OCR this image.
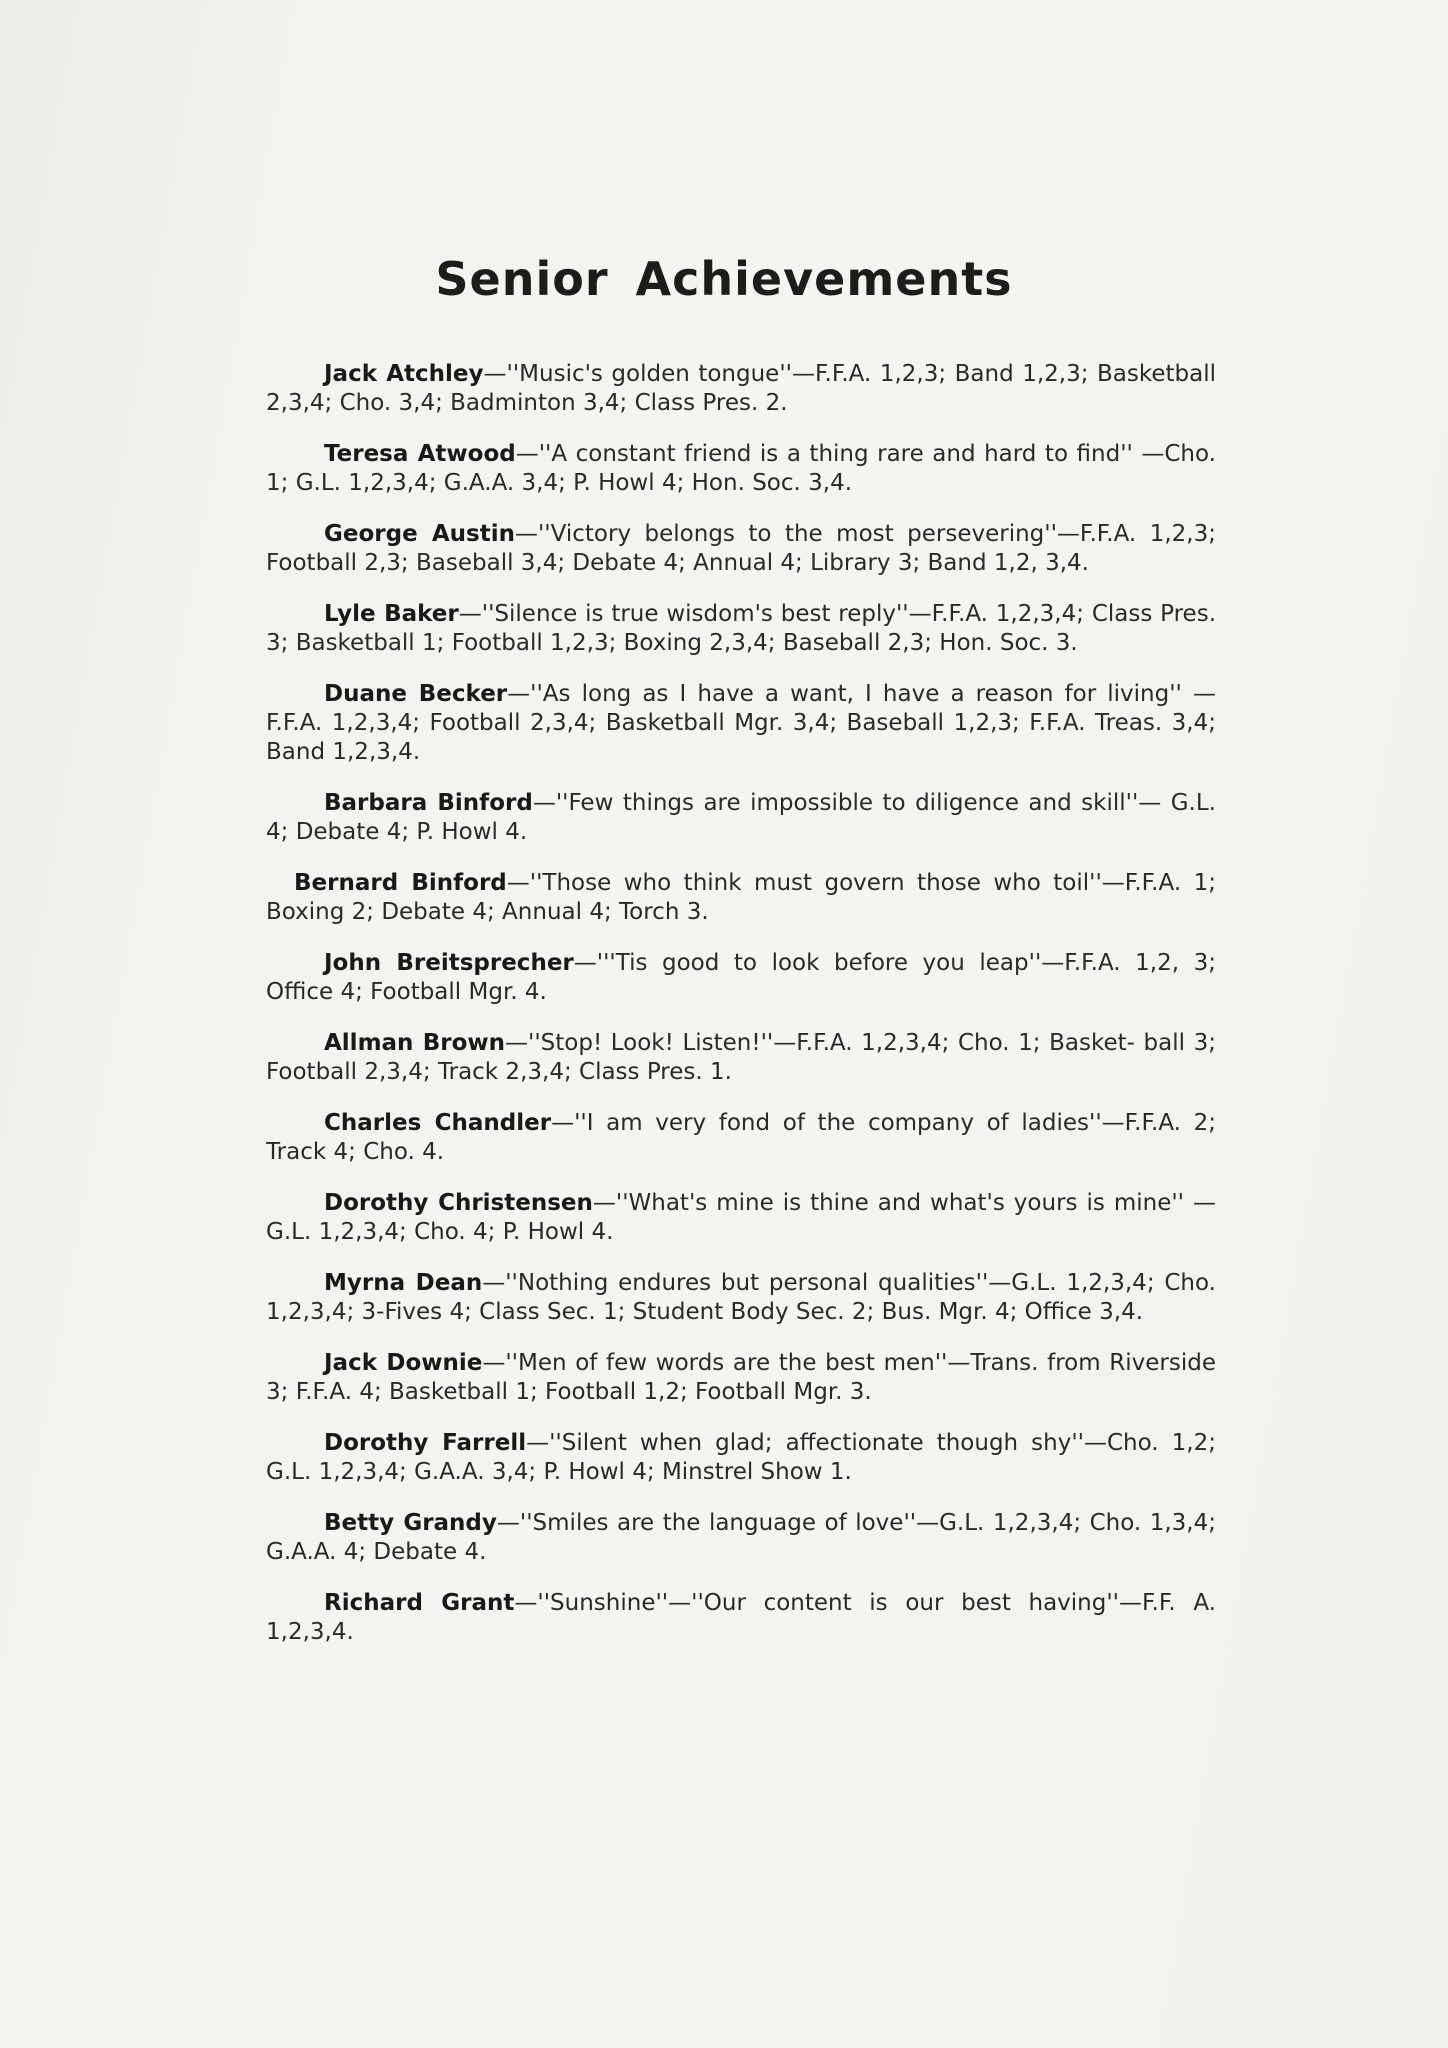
Senior Achievements

Jack Atchley—''Music's golden tongue''—F.F.A. 1,2,3; Band 1,2,3; Basketball 2,3,4; Cho. 3,4; Badminton 3,4; Class Pres. 2.

Teresa Atwood—''A constant friend is a thing rare and hard to find'' —Cho. 1; G.L. 1,2,3,4; G.A.A. 3,4; P. Howl 4; Hon. Soc. 3,4.

George Austin—''Victory belongs to the most persevering''—F.F.A. 1,2,3; Football 2,3; Baseball 3,4; Debate 4; Annual 4; Library 3; Band 1,2, 3,4.

Lyle Baker—''Silence is true wisdom's best reply''—F.F.A. 1,2,3,4; Class Pres. 3; Basketball 1; Football 1,2,3; Boxing 2,3,4; Baseball 2,3; Hon. Soc. 3.

Duane Becker—''As long as I have a want, I have a reason for living'' —F.F.A. 1,2,3,4; Football 2,3,4; Basketball Mgr. 3,4; Baseball 1,2,3; F.F.A. Treas. 3,4; Band 1,2,3,4.

Barbara Binford—''Few things are impossible to diligence and skill''— G.L. 4; Debate 4; P. Howl 4.

Bernard Binford—''Those who think must govern those who toil''—F.F.A. 1; Boxing 2; Debate 4; Annual 4; Torch 3.

John Breitsprecher—'''Tis good to look before you leap''—F.F.A. 1,2, 3; Office 4; Football Mgr. 4.

Allman Brown—''Stop! Look! Listen!''—F.F.A. 1,2,3,4; Cho. 1; Basket- ball 3; Football 2,3,4; Track 2,3,4; Class Pres. 1.

Charles Chandler—''I am very fond of the company of ladies''—F.F.A. 2; Track 4; Cho. 4.

Dorothy Christensen—''What's mine is thine and what's yours is mine'' —G.L. 1,2,3,4; Cho. 4; P. Howl 4.

Myrna Dean—''Nothing endures but personal qualities''—G.L. 1,2,3,4; Cho. 1,2,3,4; 3-Fives 4; Class Sec. 1; Student Body Sec. 2; Bus. Mgr. 4; Office 3,4.

Jack Downie—''Men of few words are the best men''—Trans. from Riverside 3; F.F.A. 4; Basketball 1; Football 1,2; Football Mgr. 3.

Dorothy Farrell—''Silent when glad; affectionate though shy''—Cho. 1,2; G.L. 1,2,3,4; G.A.A. 3,4; P. Howl 4; Minstrel Show 1.

Betty Grandy—''Smiles are the language of love''—G.L. 1,2,3,4; Cho. 1,3,4; G.A.A. 4; Debate 4.

Richard Grant—''Sunshine''—''Our content is our best having''—F.F. A. 1,2,3,4.
